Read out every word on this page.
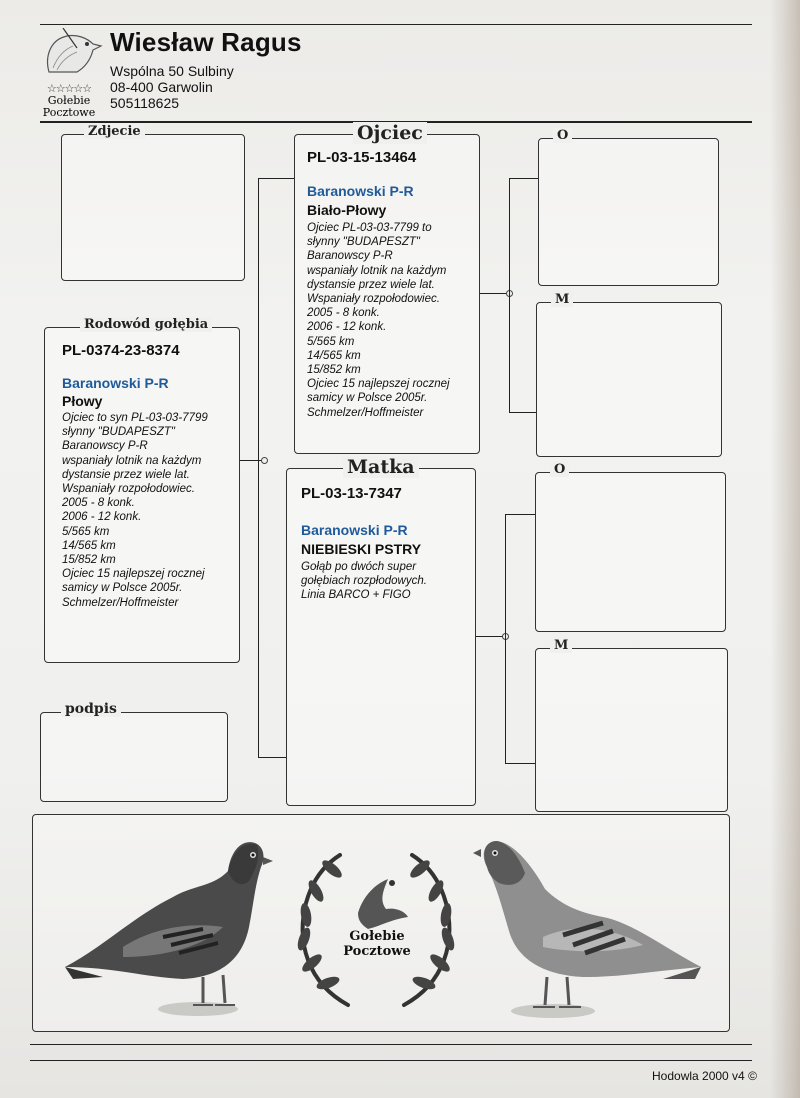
☆☆☆☆☆
Gołebie
Pocztowe
Wiesław Ragus
Wspólna 50 Sulbiny
08-400 Garwolin
505118625
Zdjecie
Rodowód gołębia
PL-0374-23-8374
Baranowski P-R
Płowy
Ojciec to syn PL-03-03-7799
słynny "BUDAPESZT"
Baranowscy P-R
wspaniały lotnik na każdym
dystansie przez wiele lat.
Wspaniały rozpołodowiec.
2005 - 8 konk.
2006 - 12 konk.
5/565 km
14/565 km
15/852 km
Ojciec 15 najlepszej rocznej
samicy w Polsce 2005r.
Schmelzer/Hoffmeister
podpis
Ojciec
PL-03-15-13464
Baranowski P-R
Biało-Płowy
Ojciec PL-03-03-7799 to
słynny "BUDAPESZT"
Baranowscy P-R
wspaniały lotnik na każdym
dystansie przez wiele lat.
Wspaniały rozpołodowiec.
2005 - 8 konk.
2006 - 12 konk.
5/565 km
14/565 km
15/852 km
Ojciec 15 najlepszej rocznej
samicy w Polsce 2005r.
Schmelzer/Hoffmeister
Matka
PL-03-13-7347
Baranowski P-R
NIEBIESKI PSTRY
Gołąb po dwóch super
gołębiach rozpłodowych.
Linia BARCO + FIGO
O
M
O
M
Gołebie
Pocztowe
Hodowla 2000 v4 ©
